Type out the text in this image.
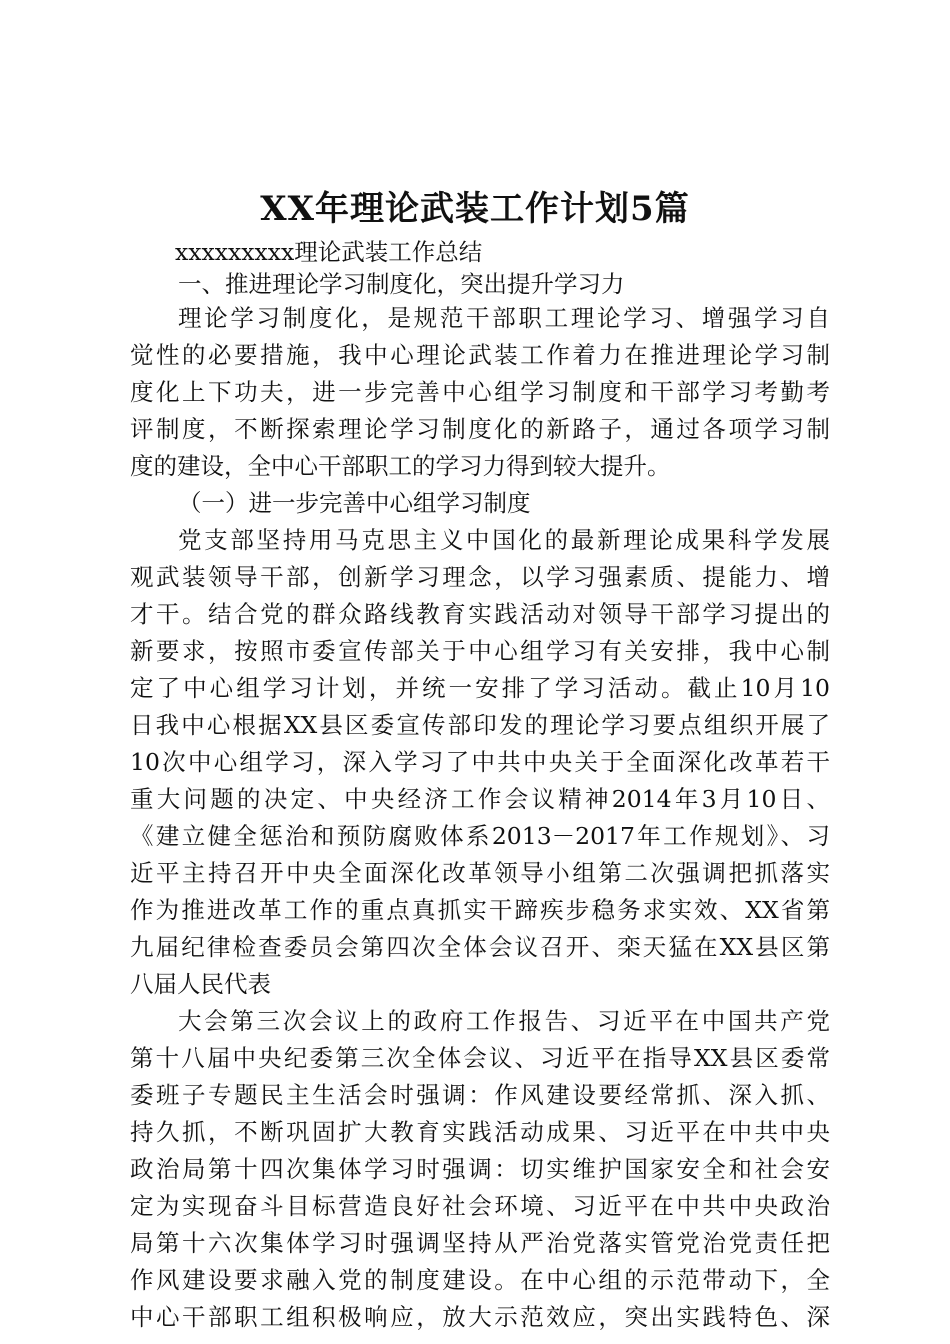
XX年理论武装工作计划5篇
xxxxxxxxx理论武装工作总结
一、推进理论学习制度化，突出提升学习力
理论学习制度化，是规范干部职工理论学习、增强学习自
觉性的必要措施，我中心理论武装工作着力在推进理论学习制
度化上下功夫，进一步完善中心组学习制度和干部学习考勤考
评制度，不断探索理论学习制度化的新路子，通过各项学习制
度的建设，全中心干部职工的学习力得到较大提升。
（一）进一步完善中心组学习制度
党支部坚持用马克思主义中国化的最新理论成果科学发展
观武装领导干部，创新学习理念，以学习强素质、提能力、增
才干。结合党的群众路线教育实践活动对领导干部学习提出的
新要求，按照市委宣传部关于中心组学习有关安排，我中心制
定了中心组学习计划，并统一安排了学习活动。截止10月10
日我中心根据XX县区委宣传部印发的理论学习要点组织开展了
10次中心组学习，深入学习了中共中央关于全面深化改革若干
重大问题的决定、中央经济工作会议精神2014年3月10日、
《建立健全惩治和预防腐败体系2013－2017年工作规划》、习
近平主持召开中央全面深化改革领导小组第二次强调把抓落实
作为推进改革工作的重点真抓实干蹄疾步稳务求实效、XX省第
九届纪律检查委员会第四次全体会议召开、栾天猛在XX县区第
八届人民代表
大会第三次会议上的政府工作报告、习近平在中国共产党
第十八届中央纪委第三次全体会议、习近平在指导XX县区委常
委班子专题民主生活会时强调：作风建设要经常抓、深入抓、
持久抓，不断巩固扩大教育实践活动成果、习近平在中共中央
政治局第十四次集体学习时强调：切实维护国家安全和社会安
定为实现奋斗目标营造良好社会环境、习近平在中共中央政治
局第十六次集体学习时强调坚持从严治党落实管党治党责任把
作风建设要求融入党的制度建设。在中心组的示范带动下，全
中心干部职工组积极响应，放大示范效应，突出实践特色、深
